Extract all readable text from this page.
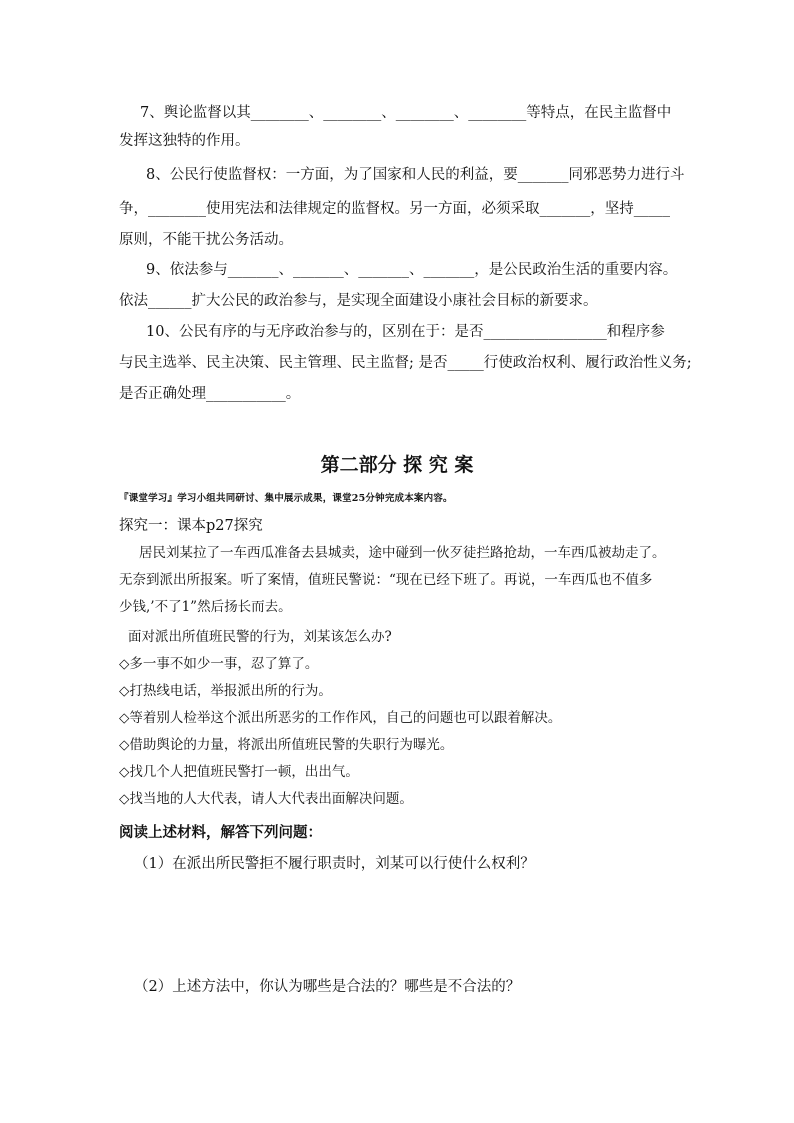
7、舆论监督以其________、________、________、________等特点，在民主监督中
发挥这独特的作用。
8、公民行使监督权：一方面，为了国家和人民的利益，要_______同邪恶势力进行斗
争，________使用宪法和法律规定的监督权。另一方面，必须采取_______，坚持_____
原则，不能干扰公务活动。
9、依法参与_______、_______、_______、_______，是公民政治生活的重要内容。
依法______扩大公民的政治参与，是实现全面建设小康社会目标的新要求。
10、公民有序的与无序政治参与的，区别在于：是否_________________和程序参
与民主选举、民主决策、民主管理、民主监督; 是否_____行使政治权利、履行政治性义务;
是否正确处理___________。
第二部分 探 究 案
『课堂学习』学习小组共同研讨、集中展示成果，课堂25分钟完成本案内容。
探究一：课本p27探究
居民刘某拉了一车西瓜准备去县城卖，途中碰到一伙歹徒拦路抢劫，一车西瓜被劫走了。
无奈到派出所报案。听了案情，值班民警说：“现在已经下班了。再说，一车西瓜也不值多
少钱,’不了1”然后扬长而去。
面对派出所值班民警的行为，刘某该怎么办?
◇多一事不如少一事，忍了算了。
◇打热线电话，举报派出所的行为。
◇等着别人检举这个派出所恶劣的工作作风，自己的问题也可以跟着解决。
◇借助舆论的力量，将派出所值班民警的失职行为曝光。
◇找几个人把值班民警打一顿，出出气。
◇找当地的人大代表，请人大代表出面解决问题。
阅读上述材料，解答下列问题：
（1）在派出所民警拒不履行职责时，刘某可以行使什么权利？
（2）上述方法中，你认为哪些是合法的？哪些是不合法的？
